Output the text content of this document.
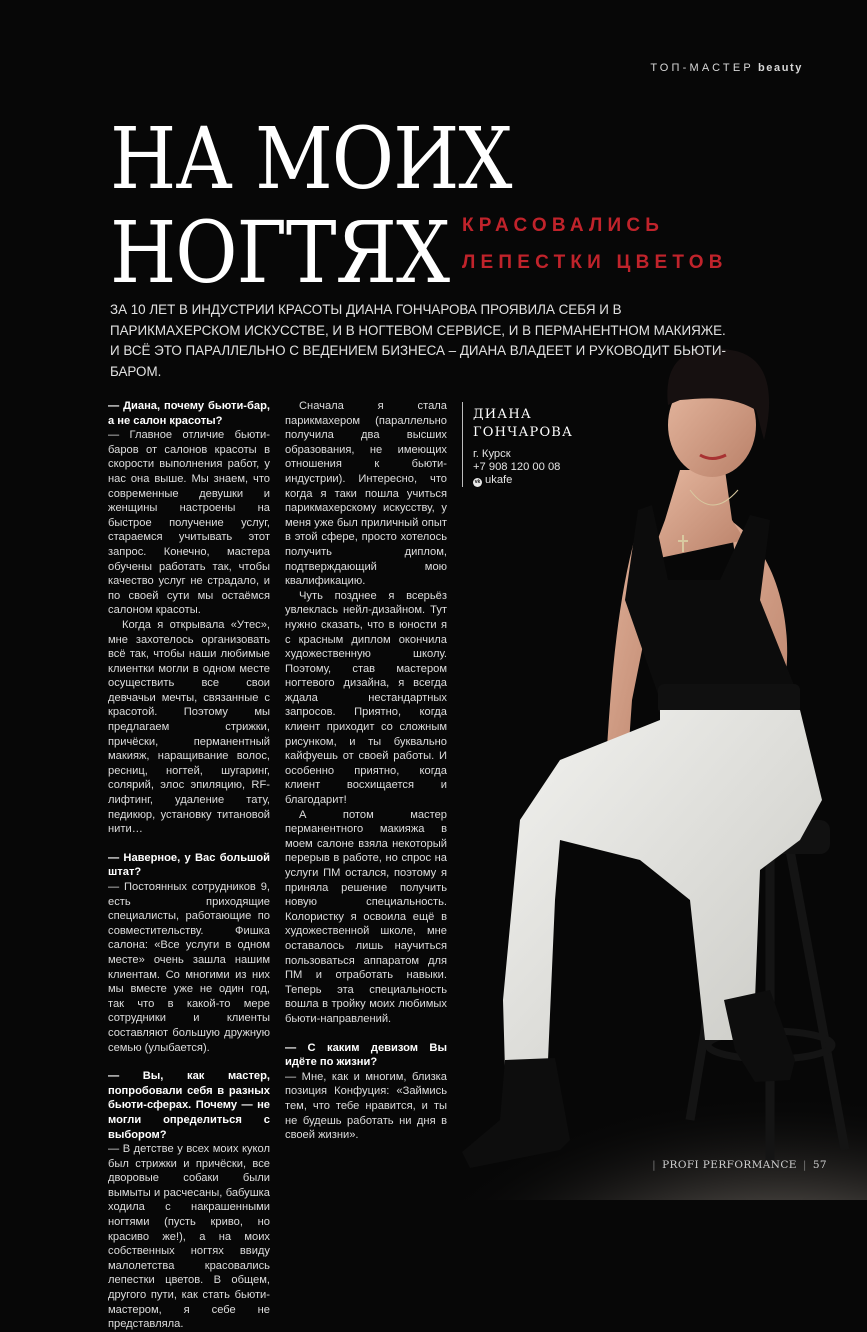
ТОП-МАСТЕР beauty
НА МОИХ
НОГТЯХ КРАСОВАЛИСЬ
ЛЕПЕСТКИ ЦВЕТОВ

ЗА 10 ЛЕТ В ИНДУСТРИИ КРАСОТЫ ДИАНА ГОНЧАРОВА ПРОЯВИЛА СЕБЯ И В ПАРИКМАХЕРСКОМ ИСКУССТВЕ, И В НОГТЕВОМ СЕРВИСЕ, И В ПЕРМАНЕНТНОМ МАКИЯЖЕ. И ВСЁ ЭТО ПАРАЛЛЕЛЬНО С ВЕДЕНИЕМ БИЗНЕСА – ДИАНА ВЛАДЕЕТ И РУКОВОДИТ БЬЮТИ-БАРОМ.

— Диана, почему бьюти-бар, а не салон красоты?

— Главное отличие бьюти-баров от салонов красоты в скорости выполнения работ, у нас она выше. Мы знаем, что современные девушки и женщины настроены на быстрое получение услуг, стараемся учитывать этот запрос. Конечно, мастера обучены работать так, чтобы качество услуг не страдало, и по своей сути мы остаёмся салоном красоты.

Когда я открывала «Утес», мне захотелось организовать всё так, чтобы наши любимые клиентки могли в одном месте осуществить все свои девчачьи мечты, связанные с красотой. Поэтому мы предлагаем стрижки, причёски, перманентный макияж, наращивание волос, ресниц, ногтей, шугаринг, солярий, элос эпиляцию, RF-лифтинг, удаление тату, педикюр, установку титановой нити…

— Наверное, у Вас большой штат?

— Постоянных сотрудников 9, есть приходящие специалисты, работающие по совместительству. Фишка салона: «Все услуги в одном месте» очень зашла нашим клиентам. Со многими из них мы вместе уже не один год, так что в какой-то мере сотрудники и клиенты составляют большую дружную семью (улыбается).

— Вы, как мастер, попробовали себя в разных бьюти-сферах. Почему — не могли определиться с выбором?

— В детстве у всех моих кукол был стрижки и причёски, все дворовые собаки были вымыты и расчесаны, бабушка ходила с накрашенными ногтями (пусть криво, но красиво же!), а на моих собственных ногтях ввиду малолетства красовались лепестки цветов. В общем, другого пути, как стать бьюти-мастером, я себе не представляла.

Сначала я стала парикмахером (параллельно получила два высших образования, не имеющих отношения к бьюти-индустрии). Интересно, что когда я таки пошла учиться парикмахерскому искусству, у меня уже был приличный опыт в этой сфере, просто хотелось получить диплом, подтверждающий мою квалификацию.

Чуть позднее я всерьёз увлеклась нейл-дизайном. Тут нужно сказать, что в юности я с красным диплом окончила художественную школу. Поэтому, став мастером ногтевого дизайна, я всегда ждала нестандартных запросов. Приятно, когда клиент приходит со сложным рисунком, и ты буквально кайфуешь от своей работы. И особенно приятно, когда клиент восхищается и благодарит!

А потом мастер перманентного макияжа в моем салоне взяла некоторый перерыв в работе, но спрос на услуги ПМ остался, поэтому я приняла решение получить новую специальность. Колористку я освоила ещё в художественной школе, мне оставалось лишь научиться пользоваться аппаратом для ПМ и отработать навыки. Теперь эта специальность вошла в тройку моих любимых бьюти-направлений.

— С каким девизом Вы идёте по жизни?

— Мне, как и многим, близка позиция Конфуция: «Займись тем, что тебе нравится, и ты не будешь работать ни дня в своей жизни».

ДИАНА
ГОНЧАРОВА
г. Курск
+7 908 120 00 08
vk ukafe
| PROFI PERFORMANCE | 57
